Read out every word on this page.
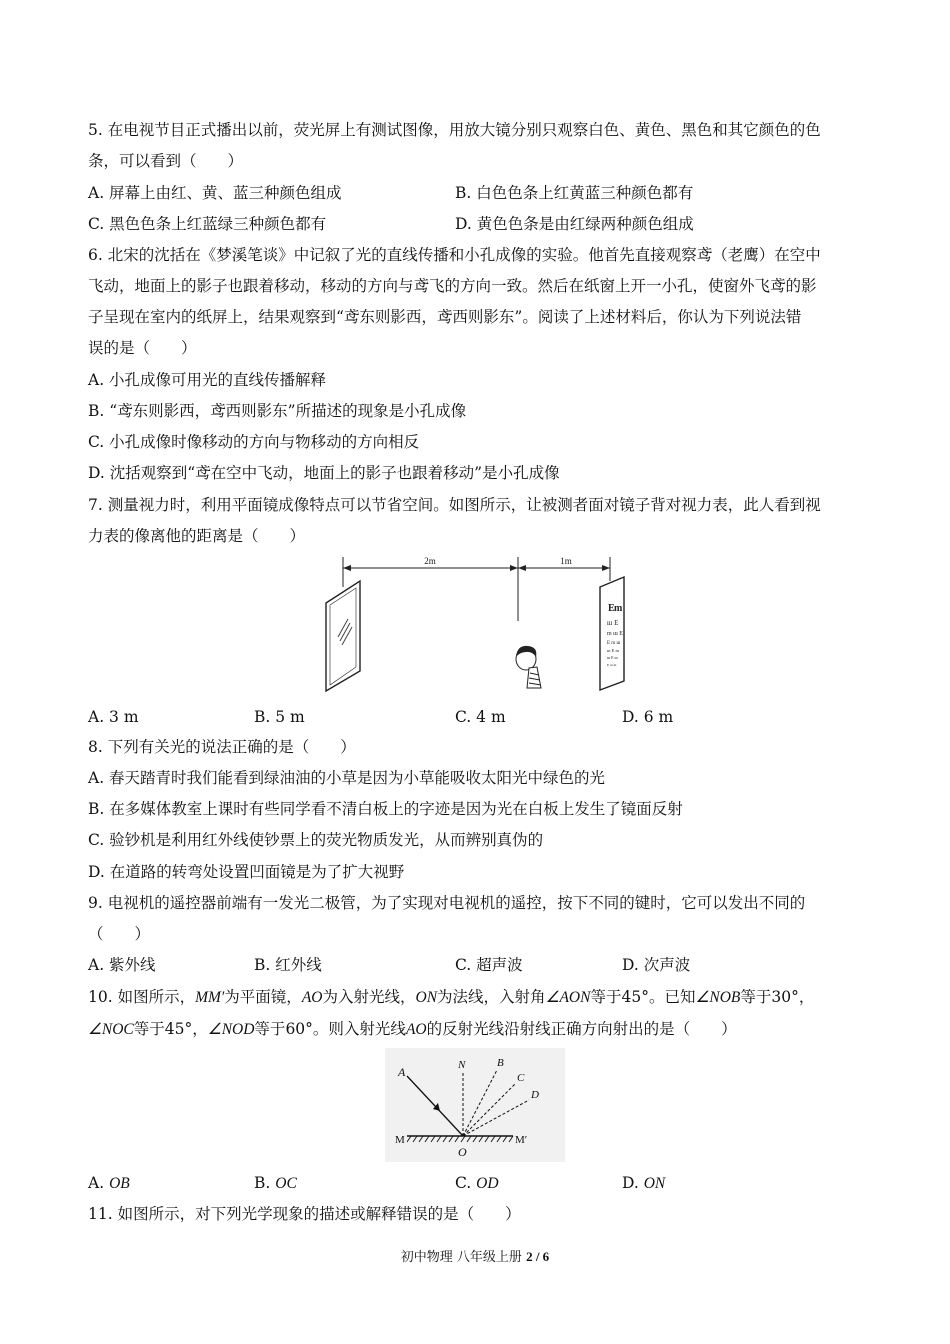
5. 在电视节目正式播出以前，荧光屏上有测试图像，用放大镜分别只观察白色、黄色、黑色和其它颜色的色
条，可以看到（　　）
A. 屏幕上由红、黄、蓝三种颜色组成	B. 白色色条上红黄蓝三种颜色都有
C. 黑色色条上红蓝绿三种颜色都有	D. 黄色色条是由红绿两种颜色组成
6. 北宋的沈括在《梦溪笔谈》中记叙了光的直线传播和小孔成像的实验。他首先直接观察鸢（老鹰）在空中
飞动，地面上的影子也跟着移动，移动的方向与鸢飞的方向一致。然后在纸窗上开一小孔，使窗外飞鸢的影
子呈现在室内的纸屏上，结果观察到“鸢东则影西，鸢西则影东”。阅读了上述材料后，你认为下列说法错
误的是（　　）
A. 小孔成像可用光的直线传播解释
B. “鸢东则影西，鸢西则影东”所描述的现象是小孔成像
C. 小孔成像时像移动的方向与物移动的方向相反
D. 沈括观察到“鸢在空中飞动，地面上的影子也跟着移动”是小孔成像
7. 测量视力时，利用平面镜成像特点可以节省空间。如图所示，让被测者面对镜子背对视力表，此人看到视
力表的像离他的距离是（　　）
2m	1m
E m
ш E
m ш E
E m ш
ш E m
m E ш
E ш m
A. 3 m	B. 5 m	C. 4 m	D. 6 m
8. 下列有关光的说法正确的是（　　）
A. 春天踏青时我们能看到绿油油的小草是因为小草能吸收太阳光中绿色的光
B. 在多媒体教室上课时有些同学看不清白板上的字迹是因为光在白板上发生了镜面反射
C. 验钞机是利用红外线使钞票上的荧光物质发光，从而辨别真伪的
D. 在道路的转弯处设置凹面镜是为了扩大视野
9. 电视机的遥控器前端有一发光二极管，为了实现对电视机的遥控，按下不同的键时，它可以发出不同的
（　　）
A. 紫外线	B. 红外线	C. 超声波	D. 次声波
10. 如图所示，MM′为平面镜，AO为入射光线，ON为法线，入射角∠AON等于45°。已知∠NOB等于30°，
∠NOC等于45°，∠NOD等于60°。则入射光线AO的反射光线沿射线正确方向射出的是（　　）
A	N	B
C
D
M	M′
O
A. OB	B. OC	C. OD	D. ON
11. 如图所示，对下列光学现象的描述或解释错误的是（　　）
初中物理 八年级上册 2 / 6
